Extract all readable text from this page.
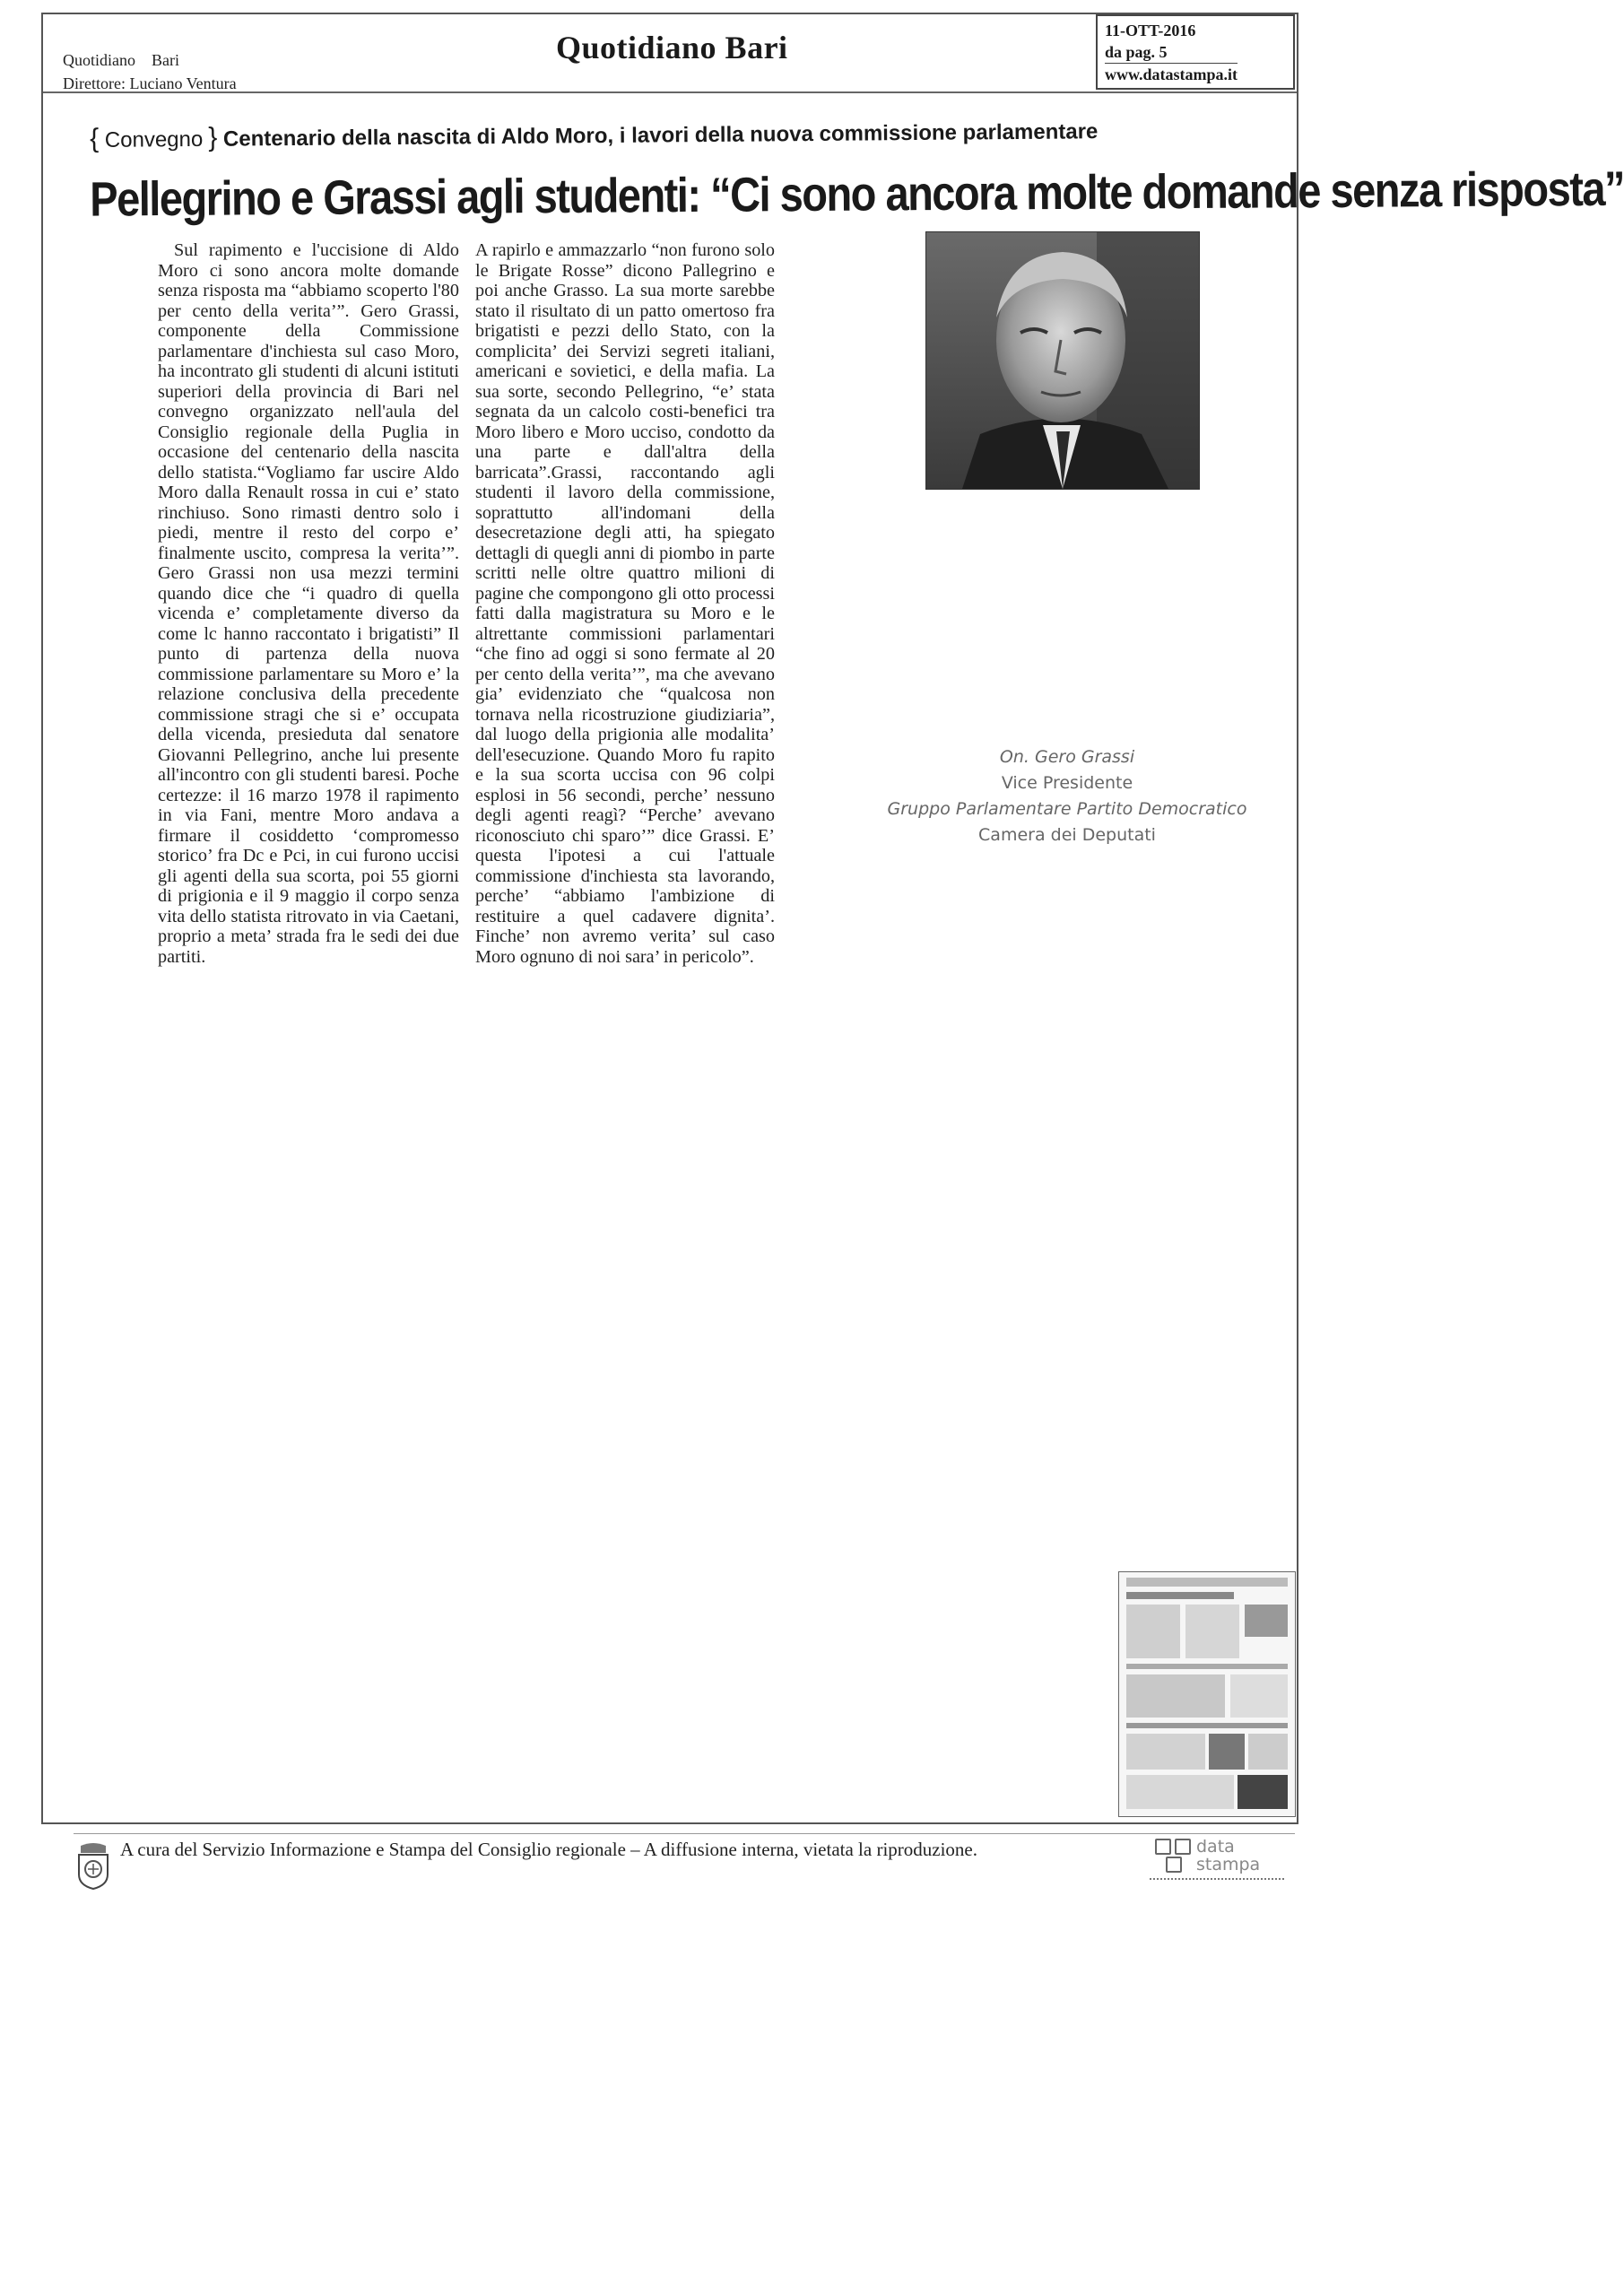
Quotidiano    Bari
Direttore: Luciano Ventura
Quotidiano Bari	11-OTT-2016
da pag. 5
www.datastampa.it
{ Convegno } Centenario della nascita di Aldo Moro, i lavori della nuova commissione parlamentare
Pellegrino e Grassi agli studenti: “Ci sono ancora molte domande senza risposta”

Sul rapimento e l'uccisione di Aldo Moro ci sono ancora molte domande senza risposta ma “abbiamo scoperto l'80 per cento della verita’”. Gero Grassi, componente della Commissione parlamentare d'inchiesta sul caso Moro, ha incontrato gli studenti di alcuni istituti superiori della provincia di Bari nel convegno organizzato nell'aula del Consiglio regionale della Puglia in occasione del centenario della nascita dello statista.“Vogliamo far uscire Aldo Moro dalla Renault rossa in cui e’ stato rinchiuso. Sono rimasti dentro solo i piedi, mentre il resto del corpo e’ finalmente uscito, compresa la verita’”. Gero Grassi non usa mezzi termini quando dice che “i quadro di quella vicenda e’ completamente diverso da come lc hanno raccontato i brigatisti” Il punto di partenza della nuova commissione parlamentare su Moro e’ la relazione conclusiva della precedente commissione stragi che si e’ occupata della vicenda, presieduta dal senatore Giovanni Pellegrino, anche lui presente all'incontro con gli studenti baresi. Poche certezze: il 16 marzo 1978 il rapimento in via Fani, mentre Moro andava a firmare il cosiddetto ‘compromesso storico’ fra Dc e Pci, in cui furono uccisi gli agenti della sua scorta, poi 55 giorni di prigionia e il 9 maggio il corpo senza vita dello statista ritrovato in via Caetani, proprio a meta’ strada fra le sedi dei due partiti.

A rapirlo e ammazzarlo “non furono solo le Brigate Rosse” dicono Pallegrino e poi anche Grasso. La sua morte sarebbe stato il risultato di un patto omertoso fra brigatisti e pezzi dello Stato, con la complicita’ dei Servizi segreti italiani, americani e sovietici, e della mafia. La sua sorte, secondo Pellegrino, “e’ stata segnata da un calcolo costi-benefici tra Moro libero e Moro ucciso, condotto da una parte e dall'altra della barricata”.Grassi, raccontando agli studenti il lavoro della commissione, soprattutto all'indomani della desecretazione degli atti, ha spiegato dettagli di quegli anni di piombo in parte scritti nelle oltre quattro milioni di pagine che compongono gli otto processi fatti dalla magistratura su Moro e le altrettante commissioni parlamentari “che fino ad oggi si sono fermate al 20 per cento della verita’”, ma che avevano gia’ evidenziato che “qualcosa non tornava nella ricostruzione giudiziaria”, dal luogo della prigionia alle modalita’ dell'esecuzione. Quando Moro fu rapito e la sua scorta uccisa con 96 colpi esplosi in 56 secondi, perche’ nessuno degli agenti reagì? “Perche’ avevano riconosciuto chi sparo’” dice Grassi. E’ questa l'ipotesi a cui l'attuale commissione d'inchiesta sta lavorando, perche’ “abbiamo l'ambizione di restituire a quel cadavere dignita’. Finche’ non avremo verita’ sul caso Moro ognuno di noi sara’ in pericolo”.

On. Gero Grassi
Vice Presidente
Gruppo Parlamentare Partito Democratico
Camera dei Deputati
A cura del Servizio Informazione e Stampa del Consiglio regionale – A diffusione interna, vietata la riproduzione.	data
stampa
